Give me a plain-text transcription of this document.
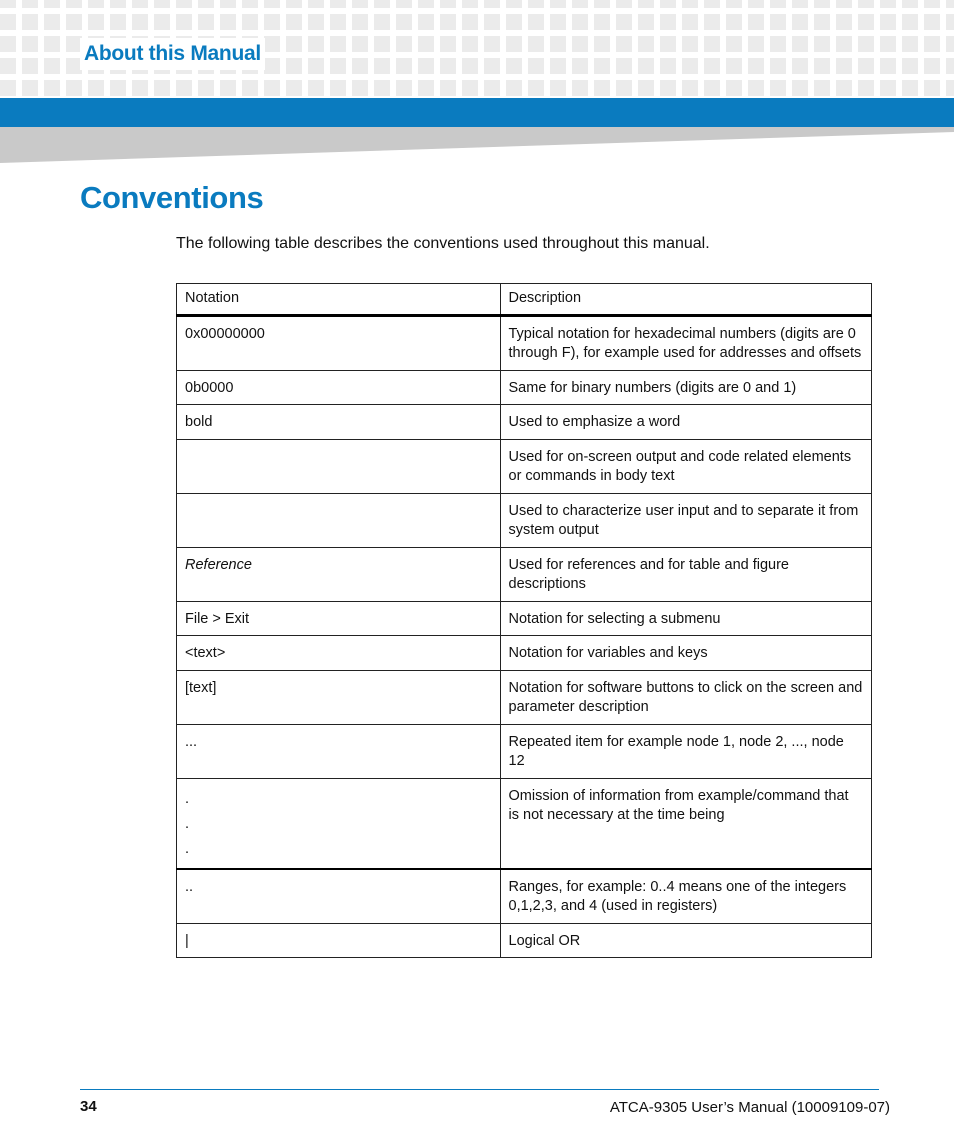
About this Manual
Conventions
The following table describes the conventions used throughout this manual.
Notation	Description
0x00000000	Typical notation for hexadecimal numbers (digits are 0 through F), for example used for addresses and offsets
0b0000	Same for binary numbers (digits are 0 and 1)
bold	Used to emphasize a word
	Used for on-screen output and code related elements or commands in body text
	Used to characterize user input and to separate it from system output
Reference	Used for references and for table and figure descriptions
File > Exit	Notation for selecting a submenu
<text>	Notation for variables and keys
[text]	Notation for software buttons to click on the screen and parameter description
...	Repeated item for example node 1, node 2, ..., node 12

.
.
.	Omission of information from example/command that is not necessary at the time being
..	Ranges, for example: 0..4 means one of the integers 0,1,2,3, and 4 (used in registers)
|	Logical OR
34	ATCA-9305 User’s Manual (10009109-07)
